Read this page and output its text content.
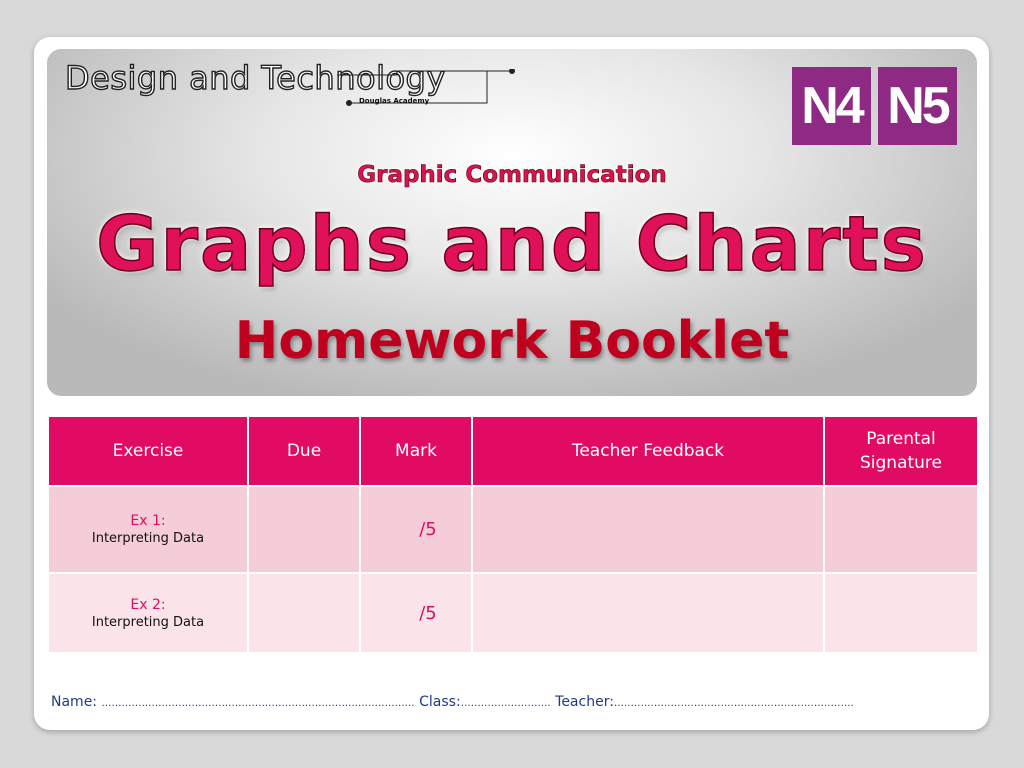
Design and Technology
Douglas Academy	N4 N5
Graphic Communication
Graphs and Charts
Homework Booklet
Exercise	Due	Mark	Teacher Feedback	Parental Signature

Ex 1:
Interpreting Data		/5		

Ex 2:
Interpreting Data		/5		
Name: ………………………………………………………………….……………… Class:……………………… Teacher:………………………………………………………………
